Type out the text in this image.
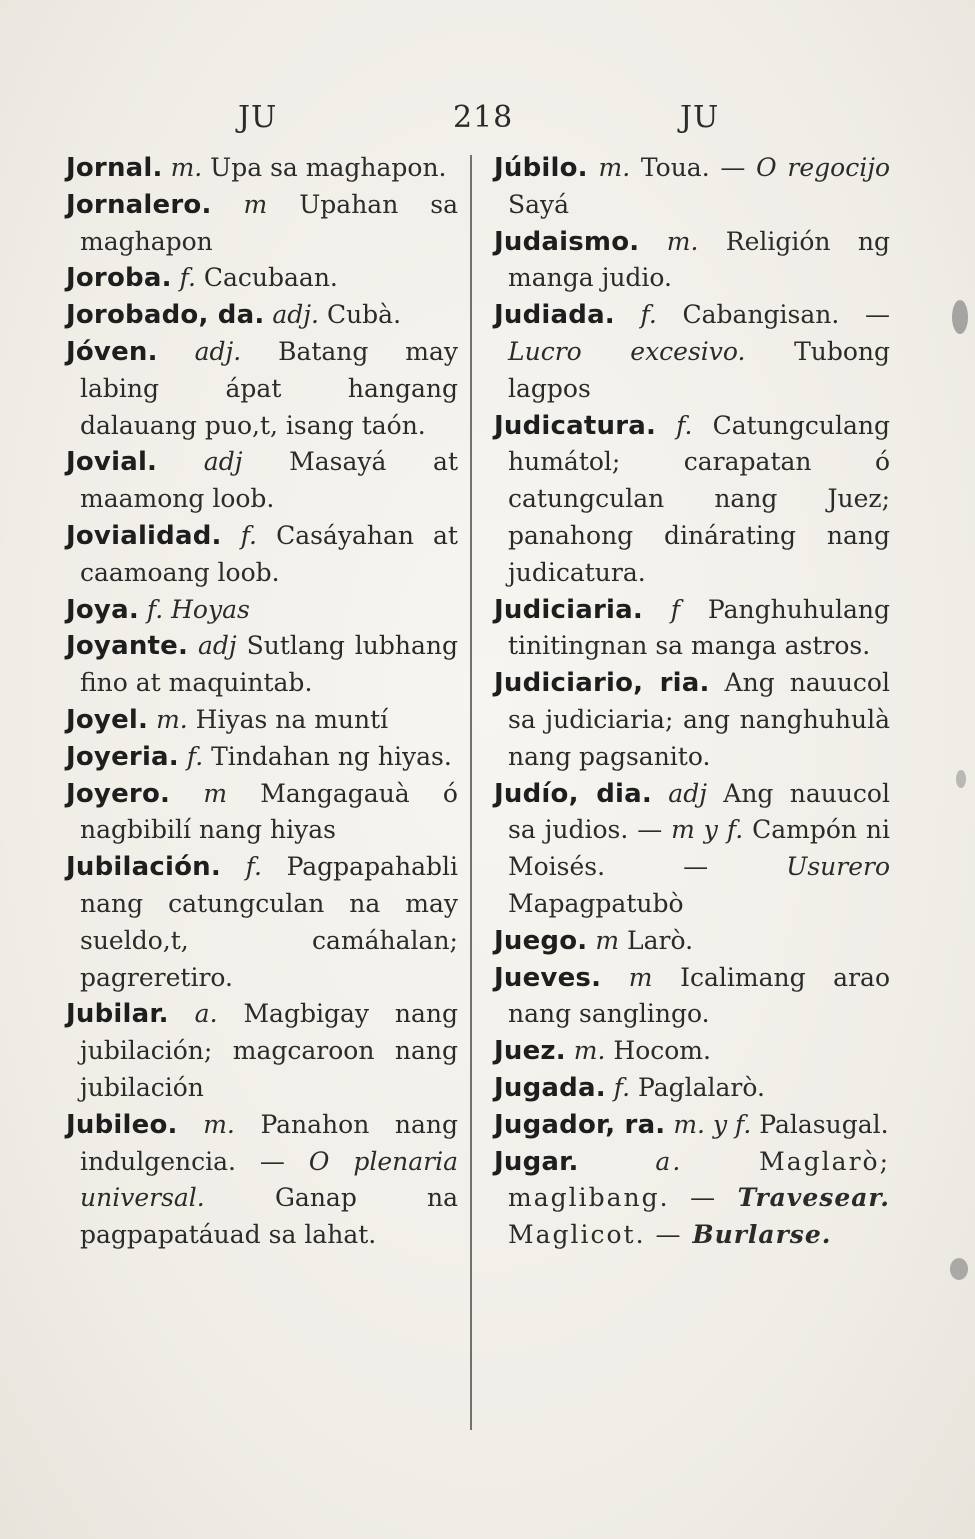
JU	218	JU

Jornal. m. Upa sa maghapon.

Jornalero. m Upahan sa maghapon

Joroba. f. Cacubaan.

Jorobado, da. adj. Cubà.

Jóven. adj. Batang may labing ápat hangang dalauang puo,t, isang taón.

Jovial. adj Masayá at maamong loob.

Jovialidad. f. Casáyahan at caamoang loob.

Joya. f. Hoyas

Joyante. adj Sutlang lubhang fino at maquintab.

Joyel. m. Hiyas na muntí

Joyeria. f. Tindahan ng hiyas.

Joyero. m Mangagauà ó nagbibilí nang hiyas

Jubilación. f. Pagpapahabli nang catungculan na may sueldo,t, camáhalan; pagreretiro.

Jubilar. a. Magbigay nang jubilación; magcaroon nang jubilación

Jubileo. m. Panahon nang indulgencia. — O plenaria universal.	Ganap na pagpapatáuad sa lahat.

Júbilo. m. Toua. — O regocijo Sayá

Judaismo. m. Religión ng manga judio.

Judiada. f. Cabangisan. — Lucro excesivo. Tubong lagpos

Judicatura. f. Catungculang humátol; carapatan ó catungculan nang Juez; panahong dinárating nang judicatura.

Judiciaria. f Panghuhulang tinitingnan sa manga astros.

Judiciario, ria. Ang nauucol sa judiciaria; ang nanghuhulà nang pagsanito.

Judío, dia. adj Ang nauucol sa judios. — m y f. Campón ni Moisés. —	Usurero Mapagpatubò

Juego. m Larò.

Jueves. m Icalimang arao nang sanglingo.

Juez. m. Hocom.

Jugada. f. Paglalarò.

Jugador, ra. m. y f. Palasugal.

Jugar.	a.	Maglarò; maglibang. — Travesear. Maglicot. — Burlarse.
